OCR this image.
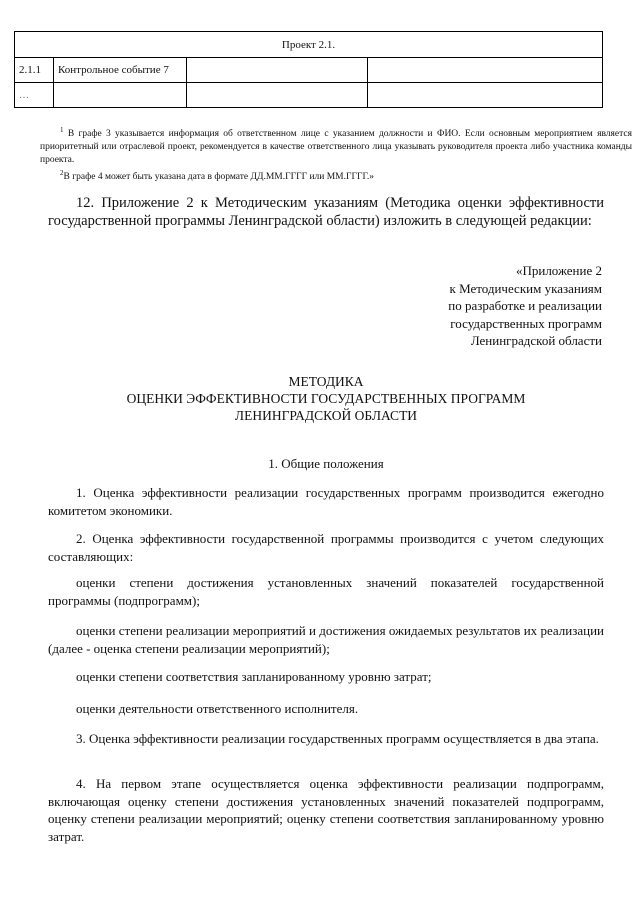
Проект 2.1.			
2.1.1	Контрольное событие 7		
…			

$^1$ В графе 3 указывается информация об ответственном лице с указанием должности и ФИО. Если основным мероприятием является приоритетный или отраслевой проект, рекомендуется в качестве ответственного лица указывать руководителя проекта либо участника команды проекта.

$^2$В графе 4 может быть указана дата в формате ДД.ММ.ГГГГ или ММ.ГГГГ.»

12. Приложение 2 к Методическим указаниям (Методика оценки эффективности государственной программы Ленинградской области) изложить в следующей редакции:

«Приложение 2
к Методическим указаниям
по разработке и реализации
государственных программ
Ленинградской области
МЕТОДИКА
ОЦЕНКИ ЭФФЕКТИВНОСТИ ГОСУДАРСТВЕННЫХ ПРОГРАММ
ЛЕНИНГРАДСКОЙ ОБЛАСТИ
1. Общие положения

1. Оценка эффективности реализации государственных программ производится ежегодно комитетом экономики.

2. Оценка эффективности государственной программы производится с учетом следующих составляющих:

оценки степени достижения установленных значений показателей государственной программы (подпрограмм);

оценки степени реализации мероприятий и достижения ожидаемых результатов их реализации (далее - оценка степени реализации мероприятий);

оценки степени соответствия запланированному уровню затрат;

оценки деятельности ответственного исполнителя.

3. Оценка эффективности реализации государственных программ осуществляется в два этапа.

4. На первом этапе осуществляется оценка эффективности реализации подпрограмм, включающая оценку степени достижения установленных значений показателей подпрограмм, оценку степени реализации мероприятий; оценку степени соответствия запланированному уровню затрат.
